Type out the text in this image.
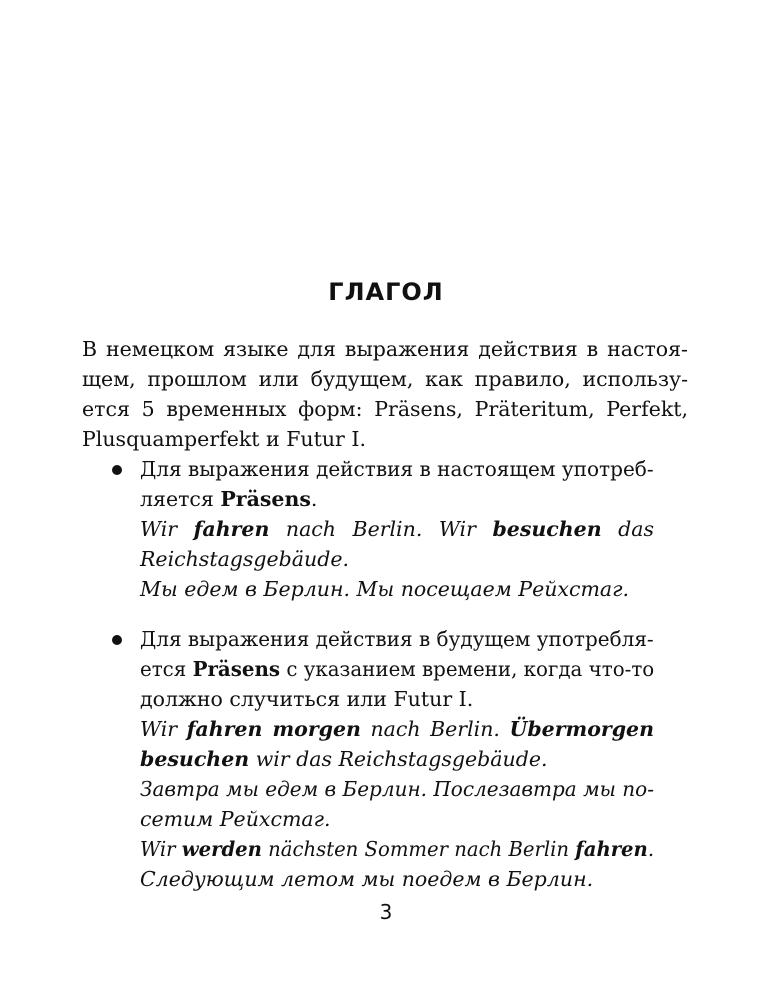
ГЛАГОЛ

В немецком языке для выражения действия в настоя-

щем, прошлом или будущем, как правило, использу-

ется 5 временных форм: Präsens, Präteritum, Perfekt,

Plusquamperfekt и Futur I.

Для выражения действия в настоящем употреб-

ляется Präsens.

Wir fahren nach Berlin. Wir besuchen das

Reichstagsgebäude.

Мы едем в Берлин. Мы посещаем Рейхстаг.

Для выражения действия в будущем употребля-

ется Präsens с указанием времени, когда что-то

должно случиться или Futur I.

Wir fahren morgen nach Berlin. Übermorgen

besuchen wir das Reichstagsgebäude.

Завтра мы едем в Берлин. Послезавтра мы по-

сетим Рейхстаг.

Wir werden nächsten Sommer nach Berlin fahren.

Следующим летом мы поедем в Берлин.

3
